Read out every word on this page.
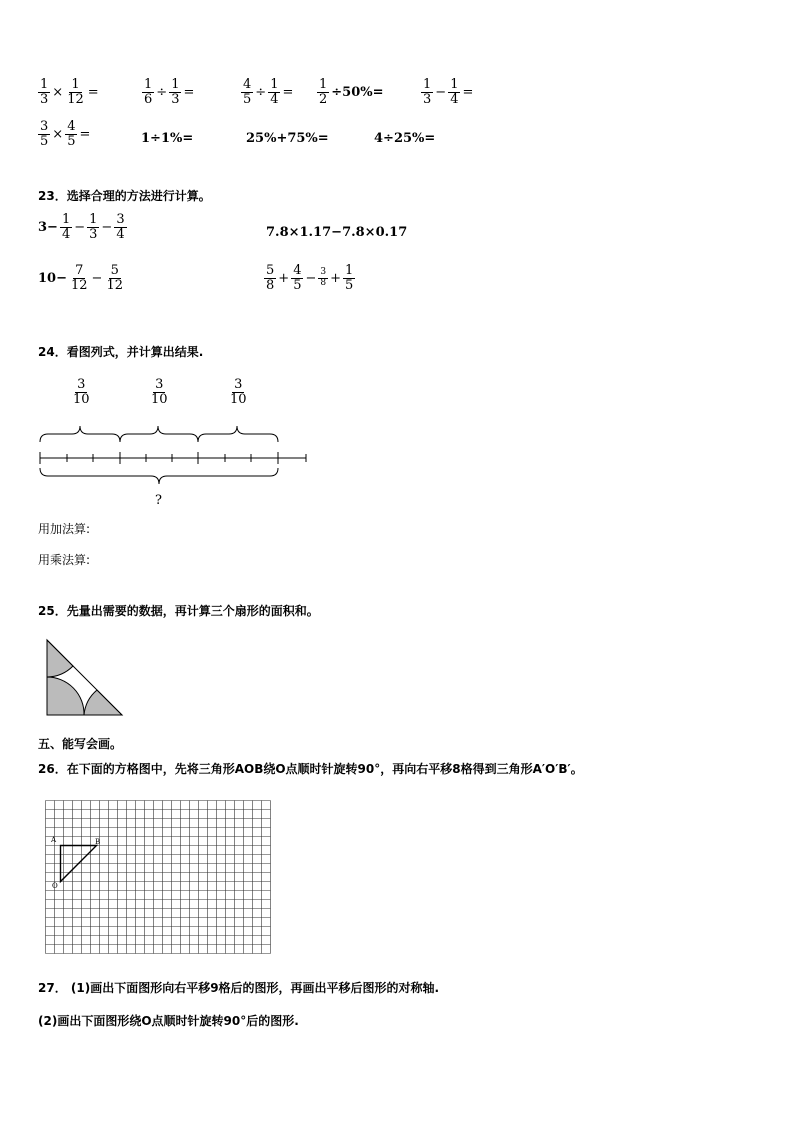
$\frac{1}{3} \times \frac{1}{12}$ =	$\frac{1}{6} \div \frac{1}{3}$ =	$\frac{4}{5} \div \frac{1}{4} = \frac{1}{2} \div 50\%=$	$\frac{1}{3} - \frac{1}{4}$ =
$\frac{3}{5} \times \frac{4}{5}$ =	1÷1%=	25%+75%=	4÷25%=
23．选择合理的方法进行计算。
$3- \frac{1}{4} - \frac{1}{3} - \frac{3}{4}$	7.8×1.17−7.8×0.17
$10- \frac{7}{12} - \frac{5}{12}$	$\frac{5}{8} + \frac{4}{5} - \frac{3}{8} + \frac{1}{5}$
24．看图列式，并计算出结果.
$\frac{3}{10}$	$\frac{3}{10}$	$\frac{3}{10}$
?
用加法算:
用乘法算:
25．先量出需要的数据，再计算三个扇形的面积和。
五、能写会画。
26．在下面的方格图中，先将三角形AOB绕O点顺时针旋转90°，再向右平移8格得到三角形A′O′B′。
A	B
O
27． (1)画出下面图形向右平移9格后的图形，再画出平移后图形的对称轴.
(2)画出下面图形绕O点顺时针旋转90°后的图形.
